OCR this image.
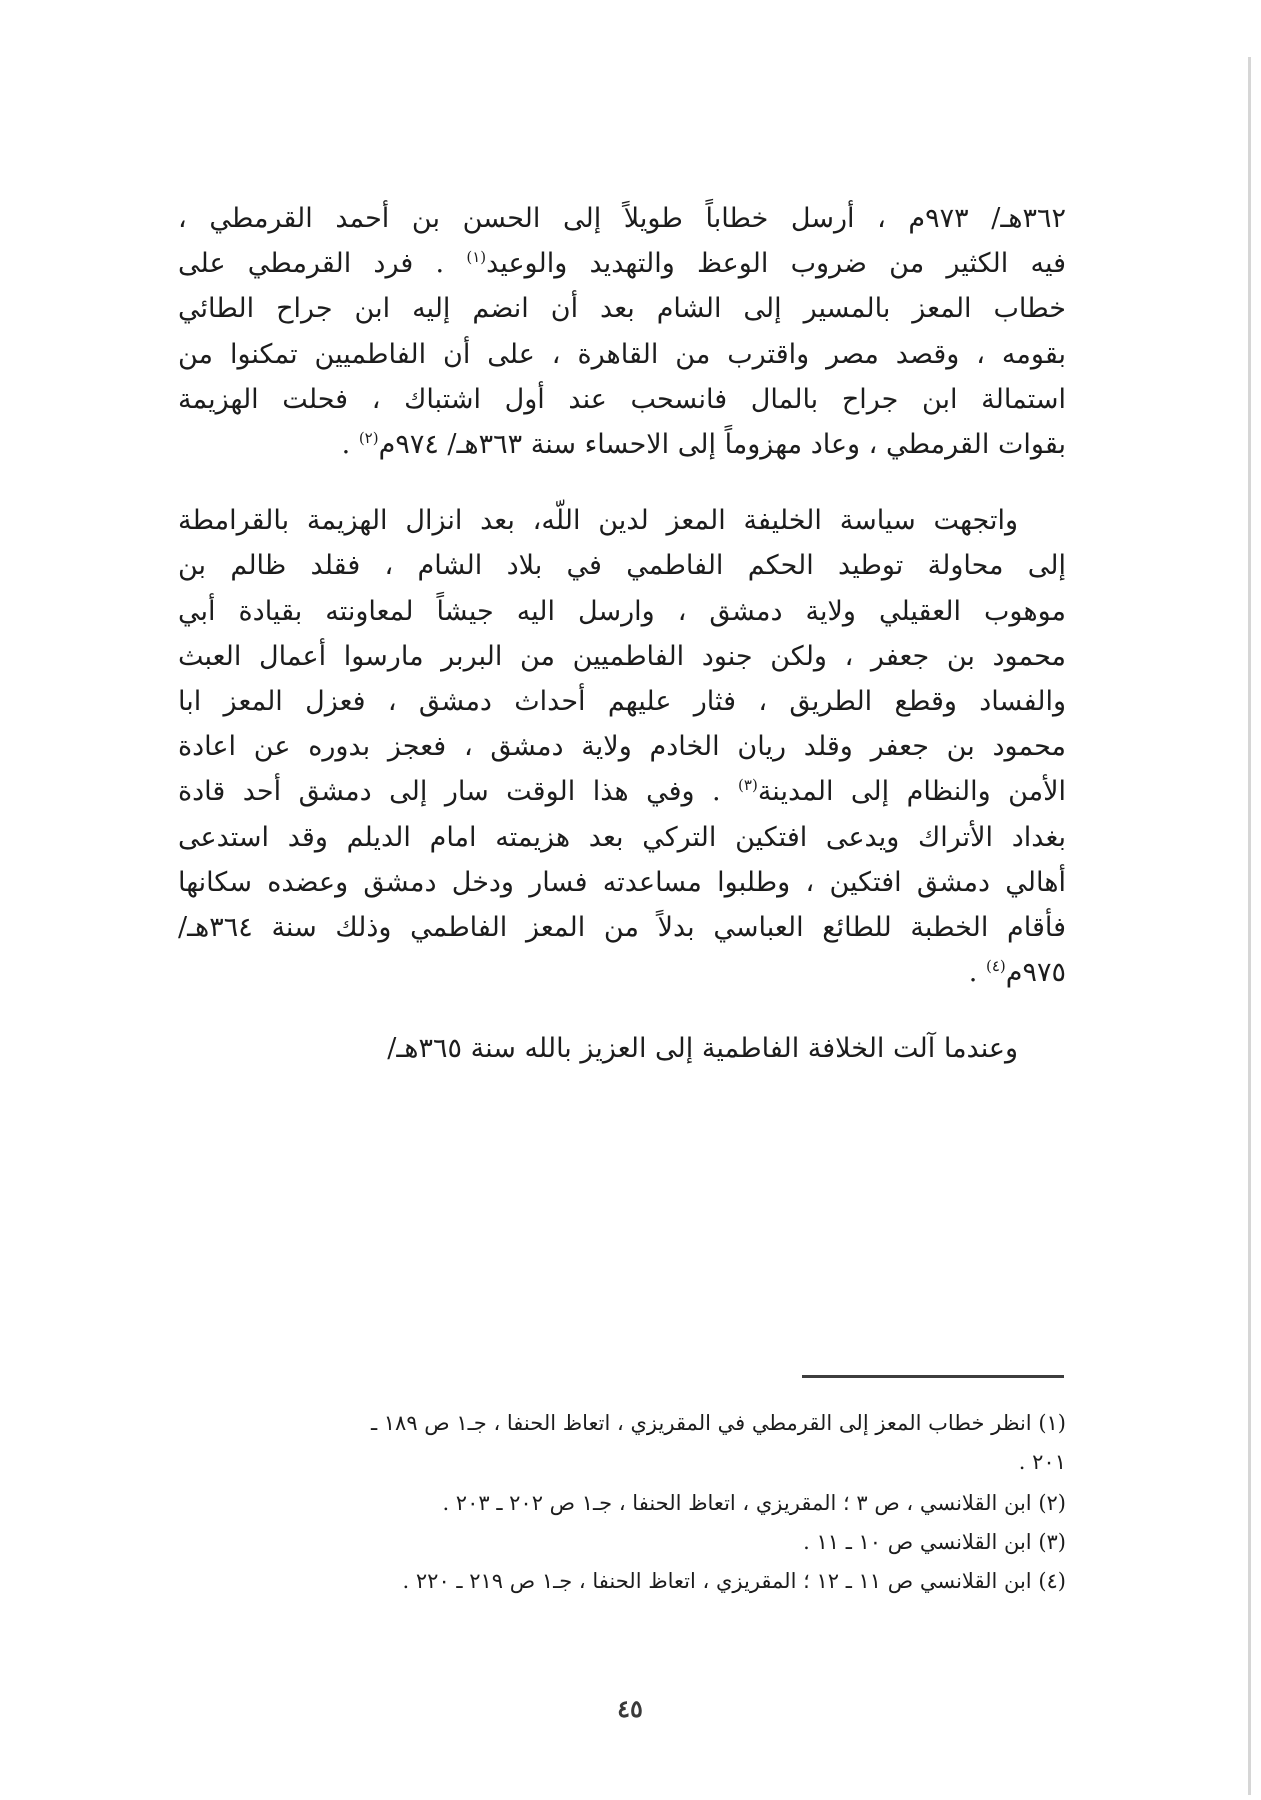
٣٦٢هـ/ ٩٧٣م ، أرسل خطاباً طويلاً إلى الحسن بن أحمد القرمطي ،
فيه الكثير من ضروب الوعظ والتهديد والوعيد$^{(١)}$ . فرد القرمطي على
خطاب المعز بالمسير إلى الشام بعد أن انضم إليه ابن جراح الطائي
بقومه ، وقصد مصر واقترب من القاهرة ، على أن الفاطميين تمكنوا من
استمالة ابن جراح بالمال فانسحب عند أول اشتباك ، فحلت الهزيمة
بقوات القرمطي ، وعاد مهزوماً إلى الاحساء سنة ٣٦٣هـ/ ٩٧٤م$^{(٢)}$ .
واتجهت سياسة الخليفة المعز لدين اللّه، بعد انزال الهزيمة بالقرامطة
إلى محاولة توطيد الحكم الفاطمي في بلاد الشام ، فقلد ظالم بن
موهوب العقيلي ولاية دمشق ، وارسل اليه جيشاً لمعاونته بقيادة أبي
محمود بن جعفر ، ولكن جنود الفاطميين من البربر مارسوا أعمال العبث
والفساد وقطع الطريق ، فثار عليهم أحداث دمشق ، فعزل المعز ابا
محمود بن جعفر وقلد ريان الخادم ولاية دمشق ، فعجز بدوره عن اعادة
الأمن والنظام إلى المدينة$^{(٣)}$ . وفي هذا الوقت سار إلى دمشق أحد قادة
بغداد الأتراك ويدعى افتكين التركي بعد هزيمته امام الديلم وقد استدعى
أهالي دمشق افتكين ، وطلبوا مساعدته فسار ودخل دمشق وعضده سكانها
فأقام الخطبة للطائع العباسي بدلاً من المعز الفاطمي وذلك سنة ٣٦٤هـ/
٩٧٥م$^{(٤)}$ .
وعندما آلت الخلافة الفاطمية إلى العزيز بالله سنة ٣٦٥هـ/
(١) انظر خطاب المعز إلى القرمطي في المقريزي ، اتعاظ الحنفا ، جـ١ ص ١٨٩ ـ
٢٠١ .
(٢) ابن القلانسي ، ص ٣ ؛ المقريزي ، اتعاظ الحنفا ، جـ١ ص ٢٠٢ ـ ٢٠٣ .
(٣) ابن القلانسي ص ١٠ ـ ١١ .
(٤) ابن القلانسي ص ١١ ـ ١٢ ؛ المقريزي ، اتعاظ الحنفا ، جـ١ ص ٢١٩ ـ ٢٢٠ .
٤٥
